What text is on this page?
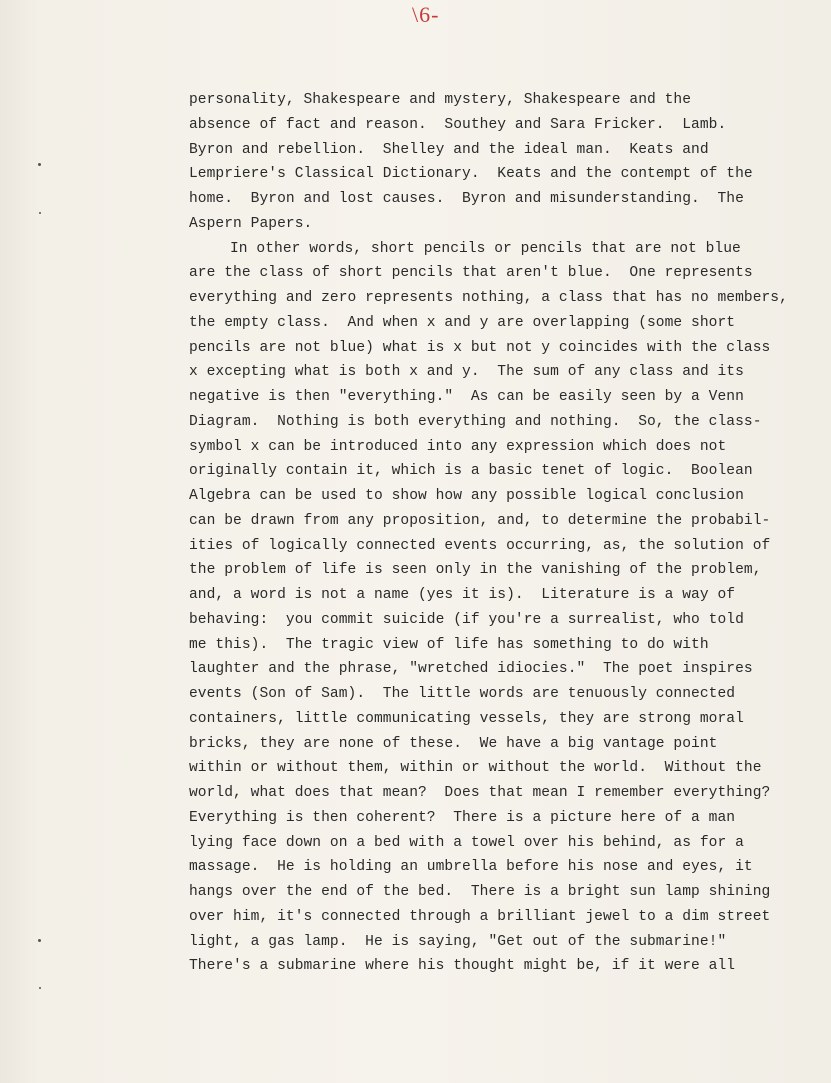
\6-
personality, Shakespeare and mystery, Shakespeare and the
absence of fact and reason.  Southey and Sara Fricker.  Lamb.
Byron and rebellion.  Shelley and the ideal man.  Keats and
Lempriere's Classical Dictionary.  Keats and the contempt of the
home.  Byron and lost causes.  Byron and misunderstanding.  The
Aspern Papers.
In other words, short pencils or pencils that are not blue
are the class of short pencils that aren't blue.  One represents
everything and zero represents nothing, a class that has no members,
the empty class.  And when x and y are overlapping (some short
pencils are not blue) what is x but not y coincides with the class
x excepting what is both x and y.  The sum of any class and its
negative is then "everything."  As can be easily seen by a Venn
Diagram.  Nothing is both everything and nothing.  So, the class-
symbol x can be introduced into any expression which does not
originally contain it, which is a basic tenet of logic.  Boolean
Algebra can be used to show how any possible logical conclusion
can be drawn from any proposition, and, to determine the probabil-
ities of logically connected events occurring, as, the solution of
the problem of life is seen only in the vanishing of the problem,
and, a word is not a name (yes it is).  Literature is a way of
behaving:  you commit suicide (if you're a surrealist, who told
me this).  The tragic view of life has something to do with
laughter and the phrase, "wretched idiocies."  The poet inspires
events (Son of Sam).  The little words are tenuously connected
containers, little communicating vessels, they are strong moral
bricks, they are none of these.  We have a big vantage point
within or without them, within or without the world.  Without the
world, what does that mean?  Does that mean I remember everything?
Everything is then coherent?  There is a picture here of a man
lying face down on a bed with a towel over his behind, as for a
massage.  He is holding an umbrella before his nose and eyes, it
hangs over the end of the bed.  There is a bright sun lamp shining
over him, it's connected through a brilliant jewel to a dim street
light, a gas lamp.  He is saying, "Get out of the submarine!"
There's a submarine where his thought might be, if it were all
